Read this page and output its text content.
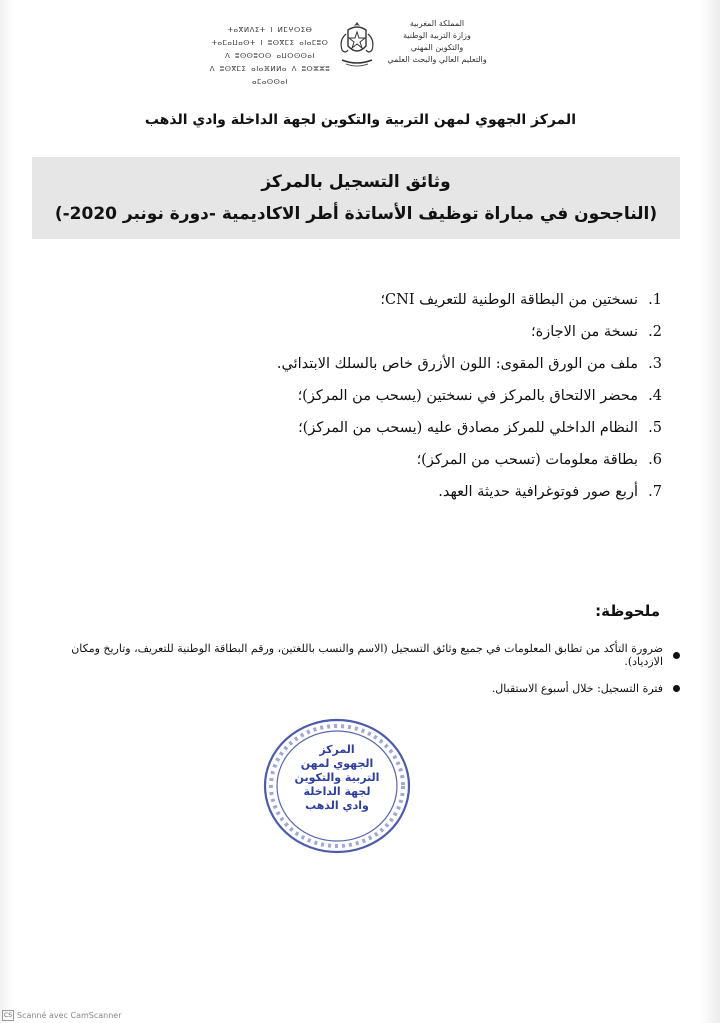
ⵜⴰⴳⵍⴷⵉⵜ ⵏ ⵍⵎⵖⵔⵉⴱ
ⵜⴰⵎⴰⵡⴰⵙⵜ ⵏ ⵓⵙⴳⵎⵉ ⴰⵏⴰⵎⵓⵔ
ⴷ ⵓⵙⵙⵓⵔⵙ ⴰⵡⵔⵙⵙⴰⵏ
ⴷ ⵓⵙⴳⵎⵉ ⴰⵏⴰⴼⵍⵍⴰ ⴷ ⵓⵔⵣⵣⵓ ⴰⵎⴰⵙⵙⴰⵏ
المملكة المغربية
وزارة التربية الوطنية
والتكوين المهني
والتعليم العالي والبحث العلمي
المركز الجهوي لمهن التربية والتكوين لجهة الداخلة وادي الذهب
وثائق التسجيل بالمركز
(الناجحون في مباراة توظيف الأساتذة أطر الاكاديمية -دورة نونبر 2020-)
1.
نسختين من البطاقة الوطنية للتعريف CNI؛
2.
نسخة من الاجازة؛
3.
ملف من الورق المقوى: اللون الأزرق خاص بالسلك الابتدائي.
4.
محضر الالتحاق بالمركز في نسختين (يسحب من المركز)؛
5.
النظام الداخلي للمركز مصادق عليه (يسحب من المركز)؛
6.
بطاقة معلومات (تسحب من المركز)؛
7.
أربع صور فوتوغرافية حديثة العهد.
ملحوظة:
ضرورة التأكد من تطابق المعلومات في جميع وثائق التسجيل (الاسم والنسب باللغتين، ورقم البطاقة الوطنية للتعريف، وتاريخ ومكان الازدياد).
فترة التسجيل: خلال أسبوع الاستقبال.
المركز
الجهوي لمهن
التربية والتكوين
لجهة الداخلة
وادي الذهب
CS Scanné avec CamScanner
